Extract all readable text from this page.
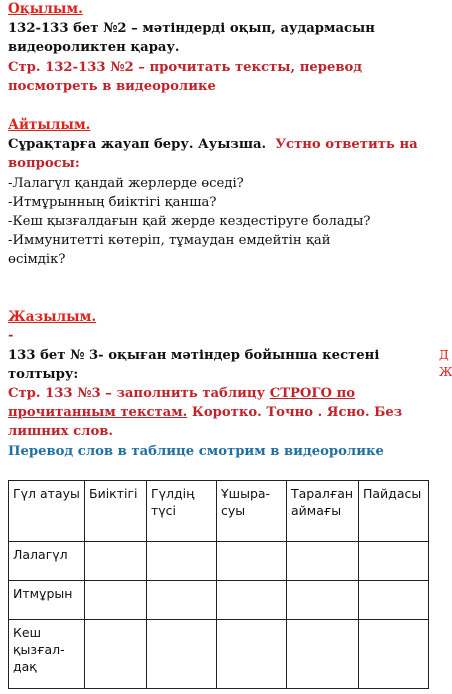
Оқылым.
132-133 бет №2 – мәтіндерді оқып, аудармасын
видеороликтен қарау.
Стр. 132-133 №2 – прочитать тексты, перевод
посмотреть в видеоролике
Айтылым.
Сұрақтарға жауап беру. Ауызша. Устно ответить на
вопросы:
-Лалагүл қандай жерлерде өседі?
-Итмұрынның биіктігі қанша?
-Кеш қызғалдағын қай жерде кездестіруге болады?
-Иммунитетті көтеріп, тұмаудан емдейтін қай
өсімдік?
Жазылым.
-
133 бет № 3- оқыған мәтіндер бойынша кестені
толтыру:
Стр. 133 №3 – заполнить таблицу СТРОГО по
прочитанным текстам. Коротко. Точно . Ясно. Без
лишних слов.
Перевод слов в таблице смотрим в видеоролике
Д
Ж
Гүл атауы	Биіктігі	Гүлдің түсі	Ұшыра-суы	Таралған аймағы	Пайдасы
Лалагүл					
Итмұрын					
Кеш қызғал-дақ					
